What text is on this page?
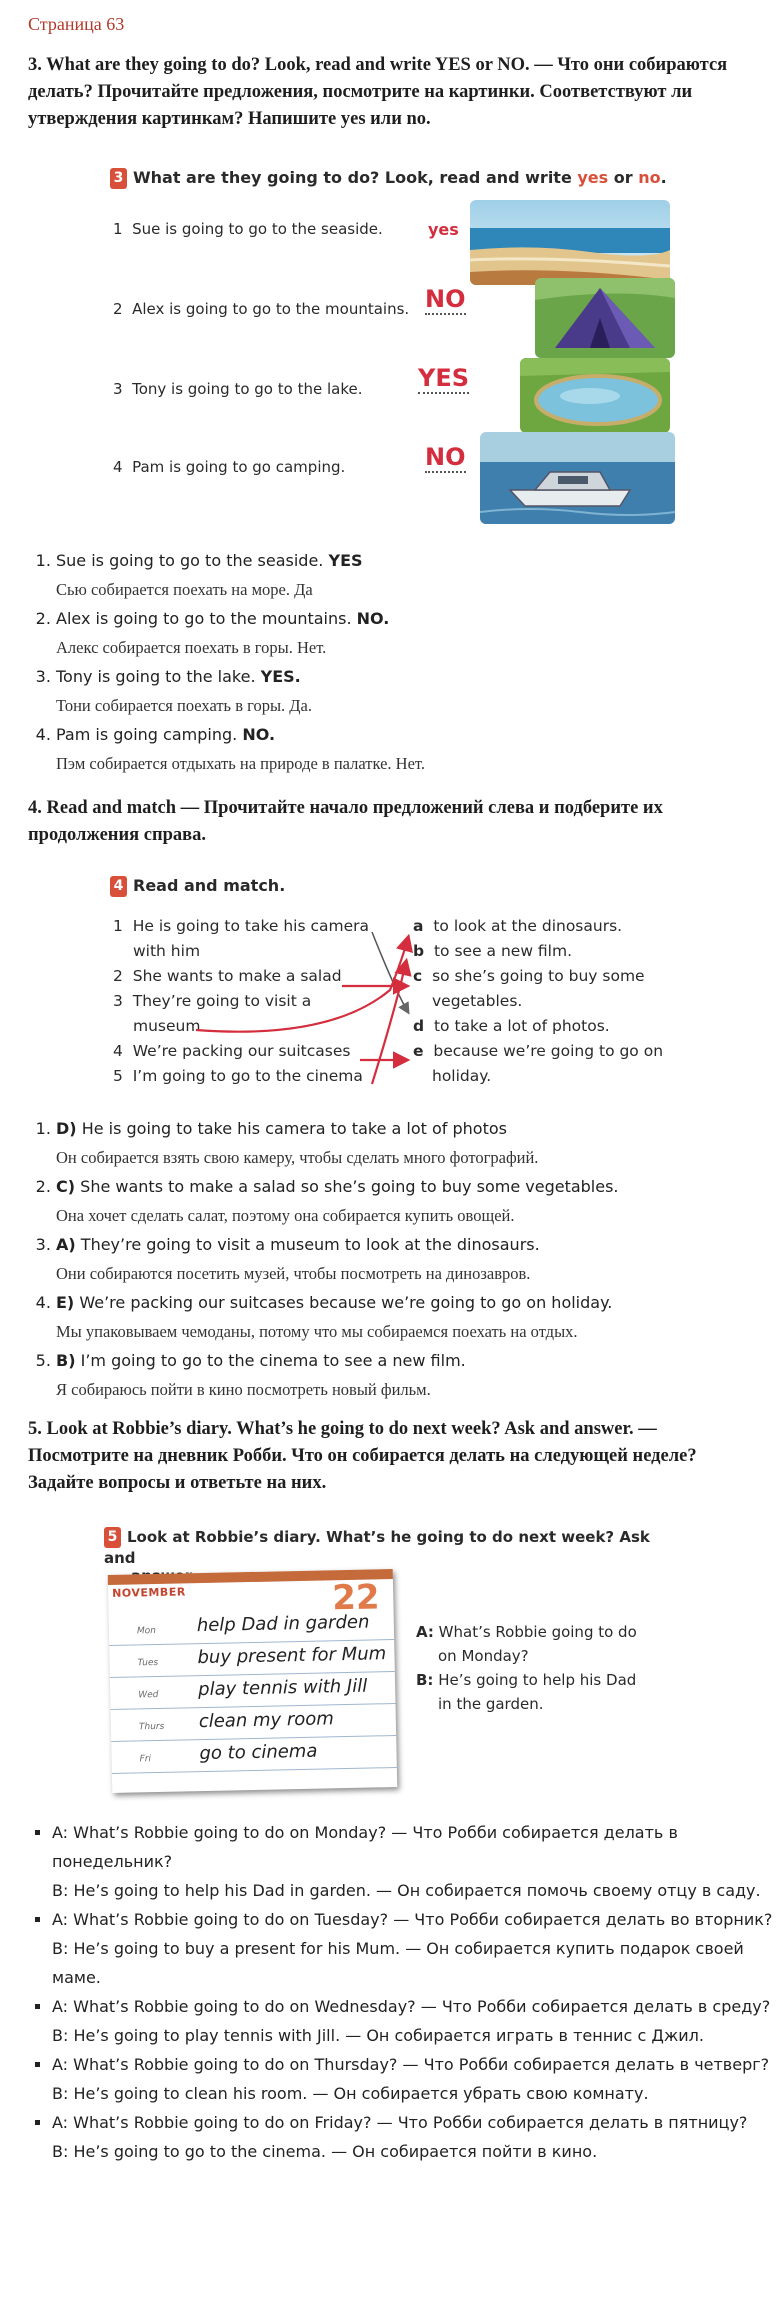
Страница 63
3. What are they going to do? Look, read and write YES or NO. — Что они собираются делать? Прочитайте предложения, посмотрите на картинки. Соответствуют ли утверждения картинкам? Напишите yes или no.
3 What are they going to do? Look, read and write yes or no.
1 Sue is going to go to the seaside.	yes
2 Alex is going to go to the mountains. NO
3 Tony is going to go to the lake. YES
4 Pam is going to go camping.	NO
1. Sue is going to go to the seaside. YES
Сью собирается поехать на море. Да
2. Alex is going to go to the mountains. NO.
Алекс собирается поехать в горы. Нет.
3. Tony is going to the lake. YES.
Тони собирается поехать в горы. Да.
4. Pam is going camping. NO.
Пэм собирается отдыхать на природе в палатке. Нет.
4. Read and match — Прочитайте начало предложений слева и подберите их продолжения справа.
4 Read and match.
1 He is going to take his camera
with him
2 She wants to make a salad
3 They’re going to visit a
museum
4 We’re packing our suitcases
5 I’m going to go to the cinema
a to look at the dinosaurs.
b to see a new film.
c so she’s going to buy some
vegetables.
d to take a lot of photos.
e because we’re going to go on
holiday.
1. D) He is going to take his camera to take a lot of photos
Он собирается взять свою камеру, чтобы сделать много фотографий.
2. C) She wants to make a salad so she’s going to buy some vegetables.
Она хочет сделать салат, поэтому она собирается купить овощей.
3. A) They’re going to visit a museum to look at the dinosaurs.
Они собираются посетить музей, чтобы посмотреть на динозавров.
4. E) We’re packing our suitcases because we’re going to go on holiday.
Мы упаковываем чемоданы, потому что мы собираемся поехать на отдых.
5. B) I’m going to go to the cinema to see a new film.
Я собираюсь пойти в кино посмотреть новый фильм.
5. Look at Robbie’s diary. What’s he going to do next week? Ask and answer. — Посмотрите на дневник Робби. Что он собирается делать на следующей неделе? Задайте вопросы и ответьте на них.
5 Look at Robbie’s diary. What’s he going to do next week? Ask and
NOVEMBER	22
Mon help Dad in garden
Tues buy present for Mum
Wed play tennis with Jill
Thurs clean my room
Fri	go to cinema
A: What’s Robbie going to do
on Monday?
B: He’s going to help his Dad
in the garden.
▪ A: What’s Robbie going to do on Monday? — Что Робби собирается делать в понедельник?
B: He’s going to help his Dad in garden. — Он собирается помочь своему отцу в саду.
▪ A: What’s Robbie going to do on Tuesday? — Что Робби собирается делать во вторник?
B: He’s going to buy a present for his Mum. — Он собирается купить подарок своей маме.
▪ A: What’s Robbie going to do on Wednesday? — Что Робби собирается делать в среду?
B: He’s going to play tennis with Jill. — Он собирается играть в теннис с Джил.
▪ A: What’s Robbie going to do on Thursday? — Что Робби собирается делать в четверг?
B: He’s going to clean his room. — Он собирается убрать свою комнату.
▪ A: What’s Robbie going to do on Friday? — Что Робби собирается делать в пятницу?
B: He’s going to go to the cinema. — Он собирается пойти в кино.
